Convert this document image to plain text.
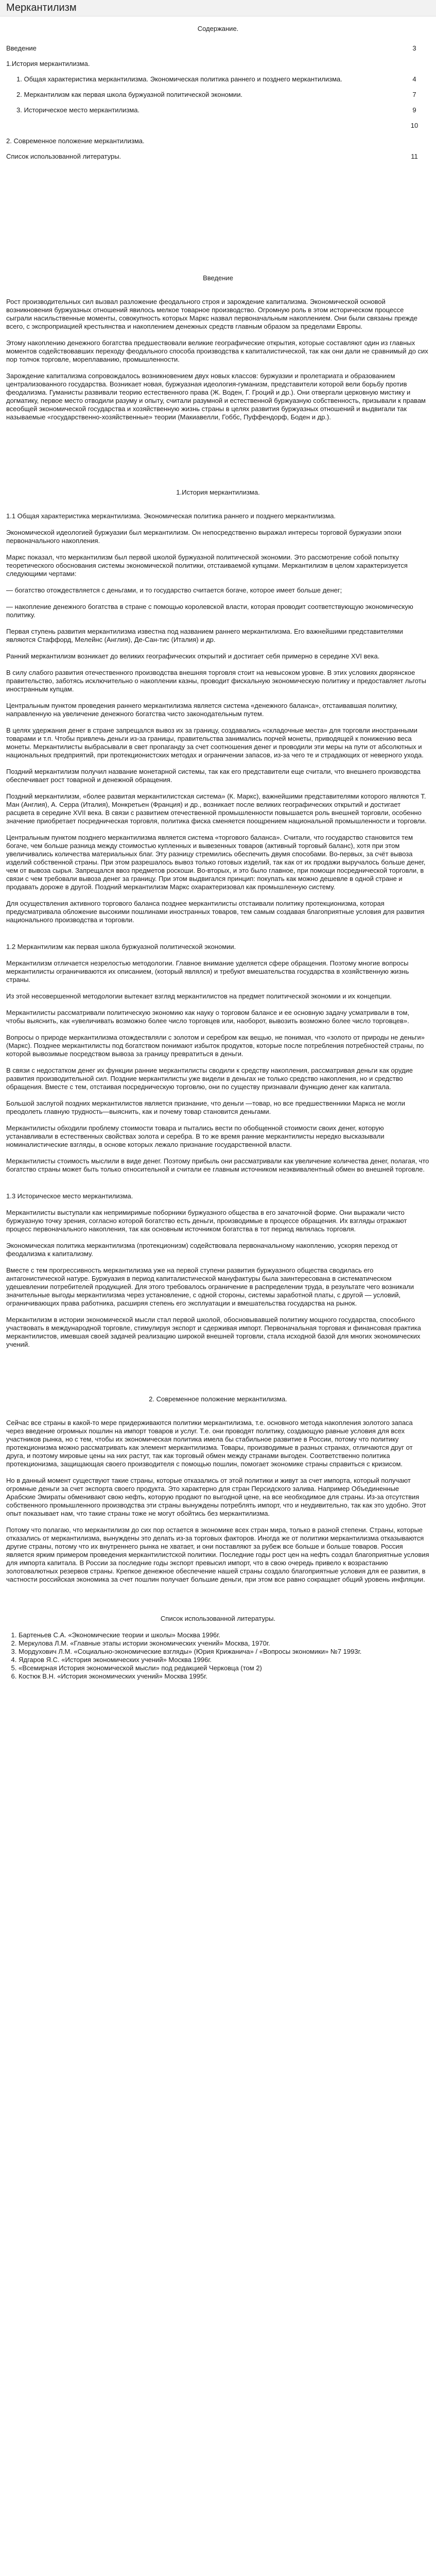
Меркантилизм
Содержание.
Введение	3
1.История меркантилизма.
1. Общая характеристика меркантилизма. Экономическая политика раннего и позднего меркантилизма.	4
2. Меркантилизм как первая школа буржуазной политической экономии.	7
3. Историческое место меркантилизма.	9
10
2. Современное положение меркантилизма.
Список использованной литературы.	11
Введение

Рост производительных сил вызвал разложение феодального строя и зарождение капитализма. Экономической основой возникновения буржуазных отношений явилось мелкое товарное производство. Огромную роль в этом историческом процессе сыграли насильственные моменты, совокупность которых Маркс назвал первоначальным накоплением. Они были связаны прежде всего, с экспроприацией крестьянства и накоплением денежных средств главным образом за пределами Европы.

Этому накоплению денежного богатства предшествовали великие географические открытия, которые составляют один из главных моментов содействовавших переходу феодального способа производства к капиталистической, так как они дали не сравнимый до сих пор толчок торговле, мореплаванию, промышленности.

Зарождение капитализма сопровождалось возникновением двух новых классов: буржуазии и пролетариата и образованием централизованного государства. Возникает новая, буржуазная идеология-гуманизм, представители которой вели борьбу против феодализма. Гуманисты развивали теорию естественного права (Ж. Воден, Г. Гроций и др.). Они отвергали церковную мистику и догматику, первое место отводили разуму и опыту, считали разумной и естественной буржуазную собственность, призывали к правам всеобщей экономической государства и хозяйственную жизнь страны в целях развития буржуазных отношений и выдвигали так называемые «государственно-хозяйственные» теории (Макиавелли, Гоббс, Пуффендорф, Боден и др.).

1.История меркантилизма.
1.1 Общая характеристика меркантилизма. Экономическая политика раннего и позднего меркантилизма.

Экономической идеологией буржуазии был меркантилизм. Он непосредственно выражал интересы торговой буржуазии эпохи первоначального накопления.

Маркс показал, что меркантилизм был первой школой буржуазной политической экономии. Это рассмотрение собой попытку теоретического обоснования системы экономической политики, отстаиваемой купцами. Меркантилизм в целом характеризуется следующими чертами:

— богатство отождествляется с деньгами, и то государство считается богаче, которое имеет больше денег;

— накопление денежного богатства в стране с помощью королевской власти, которая проводит соответствующую экономическую политику.

Первая ступень развития меркантилизма известна под названием раннего меркантилизма. Его важнейшими представителями являются Стаффорд, Мелейнс (Англия), Де-Сан-тис (Италия) и др.

Ранний меркантилизм возникает до великих географических открытий и достигает себя примерно в середине XVI века.

В силу слабого развития отечественного производства внешняя торговля стоит на невысоком уровне. В этих условиях дворянское правительство, заботясь исключительно о накоплении казны, проводит фискальную экономическую политику и предоставляет льготы иностранным купцам.

Центральным пунктом проведения раннего меркантилизма является система «денежного баланса», отстаивавшая политику, направленную на увеличение денежного богатства чисто законодательным путем.

В целях удержания денег в стране запрещался вывоз их за границу, создавались «складочные места» для торговли иностранными товарами и т.п. Чтобы привлечь деньги из-за границы, правительства занимались порчей монеты, приводящей к понижению веса монеты. Меркантилисты выбрасывали в свет пропаганду за счет соотношения денег и проводили эти меры на пути от абсолютных и национальных предприятий, при протекционистских методах и ограничении запасов, из-за чего те и страдающих от неверного ухода.

Поздний меркантилизм получил название монетарной системы, так как его представители еще считали, что внешнего производства обеспечивает рост товарной и денежной обращения.

Поздний меркантилизм, «более развитая меркантилистская система» (К. Маркс), важнейшими представителями которого являются Т. Ман (Англия), А. Серра (Италия), Монкретьен (Франция) и др., возникает после великих географических открытий и достигает расцвета в середине XVII века. В связи с развитием отечественной промышленности повышается роль внешней торговли, особенно значение приобретает посредническая торговля, политика фиска сменяется поощрением национальной промышленности и торговли.

Центральным пунктом позднего меркантилизма является система «торгового баланса». Считали, что государство становится тем богаче, чем больше разница между стоимостью купленных и вывезенных товаров (активный торговый баланс), хотя при этом увеличивались количества материальных благ. Эту разницу стремились обеспечить двумя способами. Во-первых, за счёт вывоза изделий собственной страны. При этом разрешалось вывоз только готовых изделий, так как от их продажи выручалось больше денег, чем от вывоза сырья. Запрещался ввоз предметов роскоши. Во-вторых, и это было главное, при помощи посреднической торговли, в связи с чем требовали вывоза денег за границу. При этом выдвигался принцип: покупать как можно дешевле в одной стране и продавать дороже в другой. Поздний меркантилизм Маркс охарактеризовал как промышленную систему.

Для осуществления активного торгового баланса позднее меркантилисты отстаивали политику протекционизма, которая предусматривала обложение высокими пошлинами иностранных товаров, тем самым создавая благоприятные условия для развития национального производства и торговли.

1.2 Меркантилизм как первая школа буржуазной политической экономии.

Меркантилизм отличается незрелостью методологии. Главное внимание уделяется сфере обращения. Поэтому многие вопросы меркантилисты ограничиваются их описанием, (который являлся) и требуют вмешательства государства в хозяйственную жизнь страны.

Из этой несовершенной методологии вытекает взгляд меркантилистов на предмет политической экономии и их концепции.

Меркантилисты рассматривали политическую экономию как науку о торговом балансе и ее основную задачу усматривали в том, чтобы выяснить, как «увеличивать возможно более число торговцев или, наоборот, вывозить возможно более число торговцев».

Вопросы о природе меркантилизма отождествляли с золотом и серебром как вещью, не понимая, что «золото от природы не деньги» (Маркс). Позднее меркантилисты под богатством понимают избыток продуктов, которые после потребления потребностей страны, по которой вывозимые посредством вывоза за границу превратиться в деньги.

В связи с недостатком денег их функции ранние меркантилисты сводили к средству накопления, рассматривая деньги как орудие развития производительной сил. Поздние меркантилисты уже видели в деньгах не только средство накопления, но и средство обращения. Вместе с тем, отстаивая посредническую торговлю, они по существу признавали функцию денег как капитала.

Большой заслугой поздних меркантилистов является признание, что деньги —товар, но все предшественники Маркса не могли преодолеть главную трудность—выяснить, как и почему товар становится деньгами.

Меркантилисты обходили проблему стоимости товара и пытались вести по обобщенной стоимости своих денег, которую устанавливали в естественных свойствах золота и серебра. В то же время ранние меркантилисты нередко высказывали номиналистические взгляды, в основе которых лежало признание государственной власти.

Меркантилисты стоимость мыслили в виде денег. Поэтому прибыль они рассматривали как увеличение количества денег, полагая, что богатство страны может быть только относительной и считали ее главным источником неэквивалентный обмен во внешней торговле.

1.3 Историческое место меркантилизма.

Меркантилисты выступали как непримиримые поборники буржуазного общества в его зачаточной форме. Они выражали чисто буржуазную точку зрения, согласно которой богатство есть деньги, производимые в процессе обращения. Их взгляды отражают процесс первоначального накопления, так как основным источником богатства в тот период являлась торговля.

Экономическая политика меркантилизма (протекционизм) содействовала первоначальному накоплению, ускоряя переход от феодализма к капитализму.

Вместе с тем прогрессивность меркантилизма уже на первой ступени развития буржуазного общества сводилась его антагонистической натуре. Буржуазия в период капиталистической мануфактуры была заинтересована в систематическом удешевлении потребителей продукцией. Для этого требовалось ограничение в распределении труда, в результате чего возникали значительные выгоды меркантилизма через установление, с одной стороны, системы заработной платы, с другой — условий, ограничивающих права работника, расширяя степень его эксплуатации и вмешательства государства на рынок.

Меркантилизм в истории экономической мысли стал первой школой, обосновывавшей политику мощного государства, способного участвовать в международной торговле, стимулируя экспорт и сдерживая импорт. Первоначальная торговая и финансовая практика меркантилистов, имевшая своей задачей реализацию широкой внешней торговли, стала исходной базой для многих экономических учений.

2. Современное положение меркантилизма.

Сейчас все страны в какой-то мере придерживаются политики меркантилизма, т.е. основного метода накопления золотого запаса через введение огромных пошлин на импорт товаров и услуг. Т.е. они проводят политику, создающую равные условия для всех участников рынка, но с тем, чтобы их экономическая политика имела бы стабильное развитие в России, потому что политику протекционизма можно рассматривать как элемент меркантилизма. Товары, производимые в разных странах, отличаются друг от друга, и поэтому мировые цены на них растут, так как торговый обмен между странами выгоден. Соответственно политика протекционизма, защищающая своего производителя с помощью пошлин, помогает экономике страны справиться с кризисом.

Но в данный момент существуют такие страны, которые отказались от этой политики и живут за счет импорта, который получают огромные деньги за счет экспорта своего продукта. Это характерно для стран Персидского залива. Например Объединенные Арабские Эмираты обменивают свою нефть, которую продают по выгодной цене, на все необходимое для страны. Из-за отсутствия собственного промышленного производства эти страны вынуждены потреблять импорт, что и неудивительно, так как это удобно. Этот опыт показывает нам, что такие страны тоже не могут обойтись без меркантилизма.

Потому что полагаю, что меркантилизм до сих пор остается в экономике всех стран мира, только в разной степени. Страны, которые отказались от меркантилизма, вынуждены это делать из-за торговых факторов. Иногда же от политики меркантилизма отказываются другие страны, потому что их внутреннего рынка не хватает, и они поставляют за рубеж все больше и больше товаров. Россия является ярким примером проведения меркантилистской политики. Последние годы рост цен на нефть создал благоприятные условия для импорта капитала. В России за последние годы экспорт превысил импорт, что в свою очередь привело к возрастанию золотовалютных резервов страны. Крепкое денежное обеспечение нашей страны создало благоприятные условия для ее развития, в частности российская экономика за счет пошлин получает большие деньги, при этом все равно сокращает общий уровень инфляции.

Список использованной литературы.
1. Бартеньев С.А. «Экономические теории и школы» Москва 1996г.
2. Меркулова Л.М. «Главные этапы истории экономических учений» Москва, 1970г.
3. Мордухович Л.М. «Социально-экономические взгляды» (Юрия Крижанича» / «Вопросы экономики» №7 1993г.
4. Ядгаров Я.С. «История экономических учений» Москва 1996г.
5. «Всемирная История экономической мысли» под редакцией Черковца (том 2)
6. Костюк В.Н. «История экономических учений» Москва 1995г.
